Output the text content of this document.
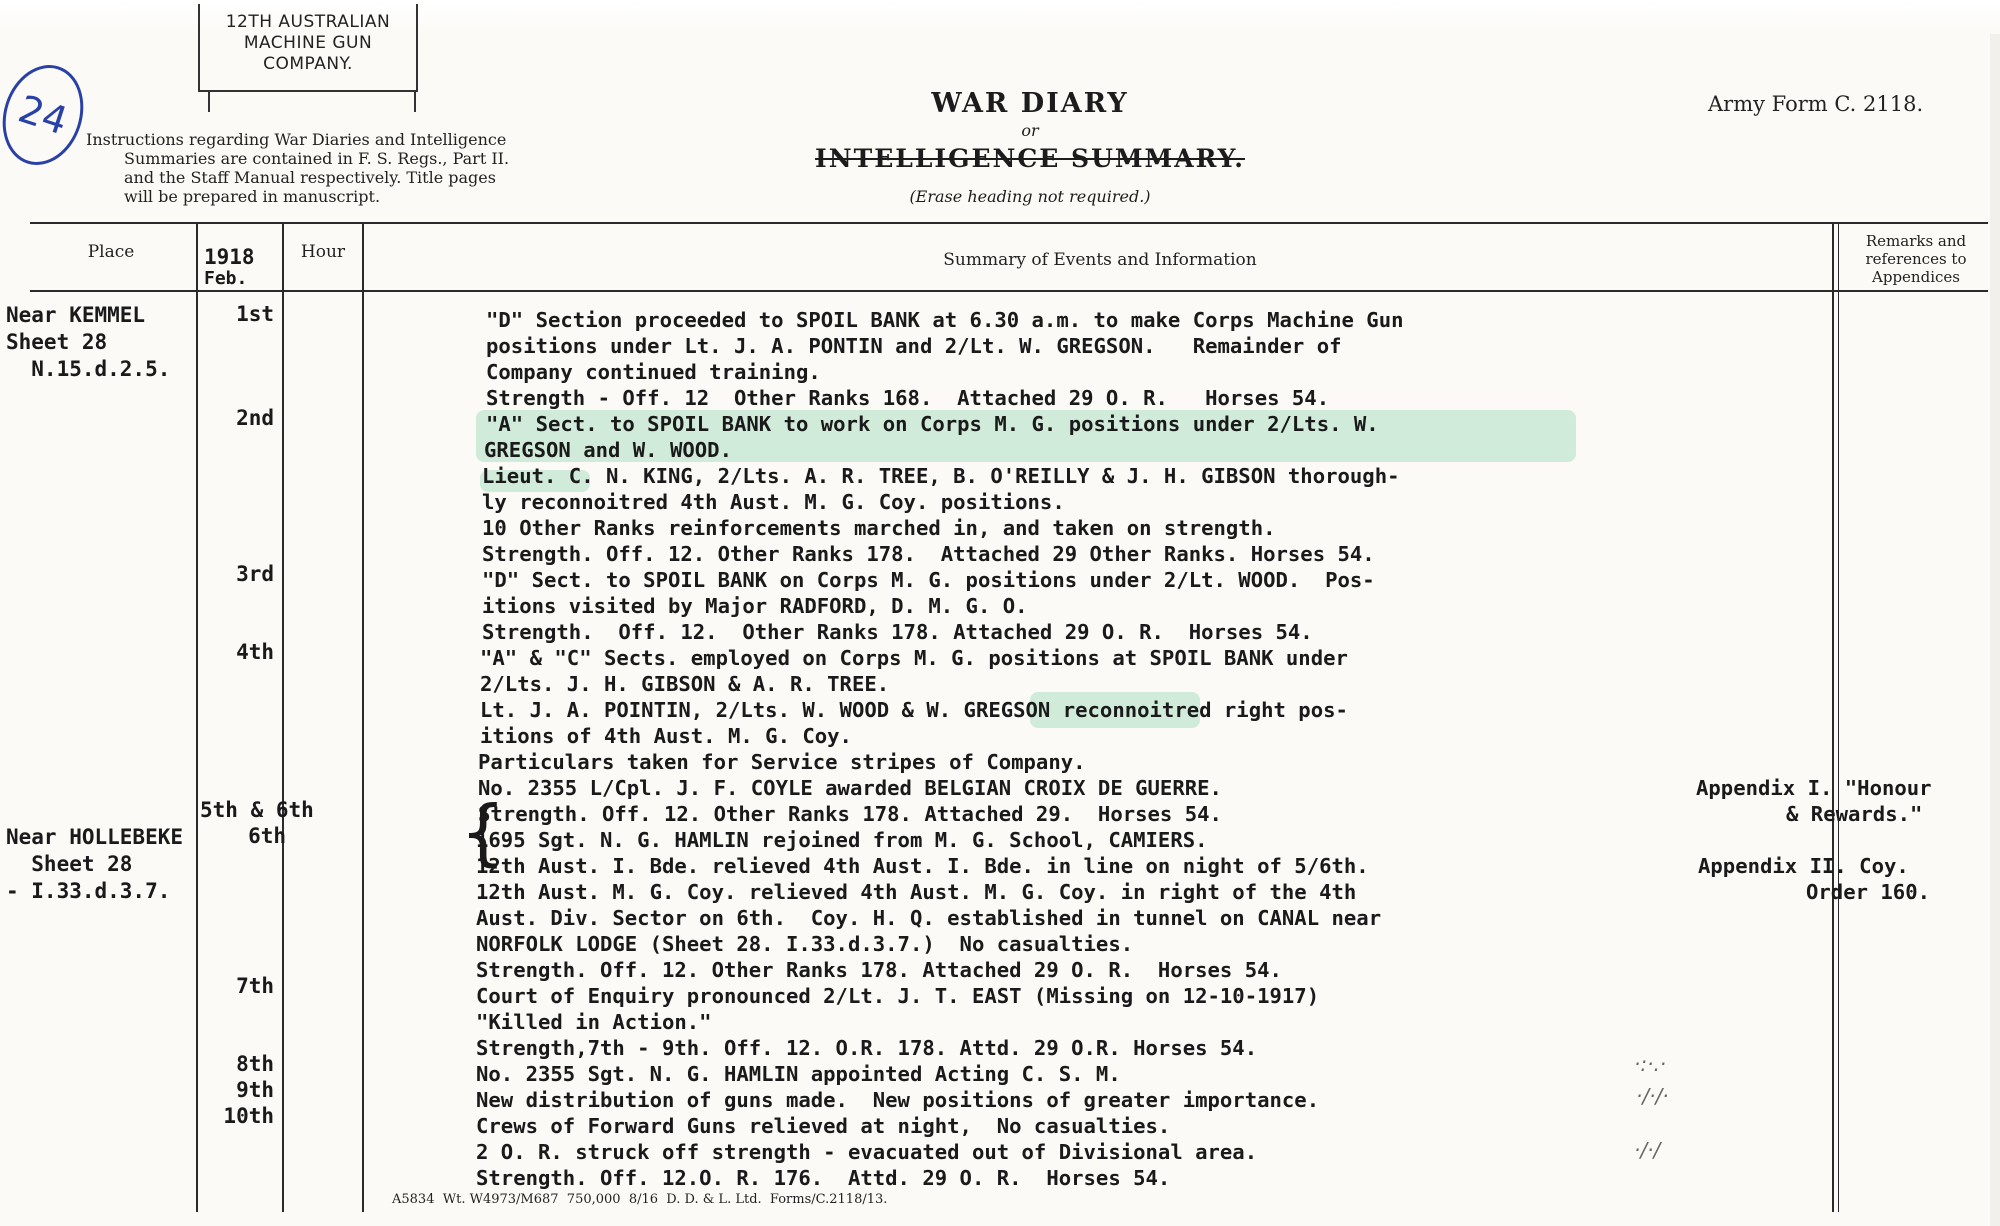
12TH AUSTRALIAN
MACHINE GUN
COMPANY.
24 Instructions regarding War Diaries and Intelligence
Summaries are contained in F. S. Regs., Part II.
and the Staff Manual respectively. Title pages
will be prepared in manuscript.
WAR DIARY
or
INTELLIGENCE SUMMARY.
(Erase heading not required.)
Army Form C. 2118.
Place	Hour	Summary of Events and Information
Remarks and references to Appendices
1918
Feb.
Near KEMMEL
Sheet 28
N.15.d.2.5.
Near HOLLEBEKE
Sheet 28
- I.33.d.3.7.
1st
2nd
3rd
4th
5th & 6th
6th
7th
8th
9th
10th
"D" Section proceeded to SPOIL BANK at 6.30 a.m. to make Corps Machine Gun
positions under Lt. J. A. PONTIN and 2/Lt. W. GREGSON.   Remainder of
Company continued training.
Strength - Off. 12  Other Ranks 168.  Attached 29 O. R.   Horses 54.
"A" Sect. to SPOIL BANK to work on Corps M. G. positions under 2/Lts. W.
GREGSON and W. WOOD.
Lieut. C. N. KING, 2/Lts. A. R. TREE, B. O'REILLY & J. H. GIBSON thorough-
ly reconnoitred 4th Aust. M. G. Coy. positions.
10 Other Ranks reinforcements marched in, and taken on strength.
Strength. Off. 12. Other Ranks 178.  Attached 29 Other Ranks. Horses 54.
"D" Sect. to SPOIL BANK on Corps M. G. positions under 2/Lt. WOOD.  Pos-
itions visited by Major RADFORD, D. M. G. O.
Strength.  Off. 12.  Other Ranks 178. Attached 29 O. R.  Horses 54.
"A" & "C" Sects. employed on Corps M. G. positions at SPOIL BANK under
2/Lts. J. H. GIBSON & A. R. TREE.
Lt. J. A. POINTIN, 2/Lts. W. WOOD & W. GREGSON reconnoitred right pos-
itions of 4th Aust. M. G. Coy.
Particulars taken for Service stripes of Company.
No. 2355 L/Cpl. J. F. COYLE awarded BELGIAN CROIX DE GUERRE.
Strength. Off. 12. Other Ranks 178. Attached 29.  Horses 54.
1695 Sgt. N. G. HAMLIN rejoined from M. G. School, CAMIERS.
12th Aust. I. Bde. relieved 4th Aust. I. Bde. in line on night of 5/6th.
12th Aust. M. G. Coy. relieved 4th Aust. M. G. Coy. in right of the 4th
Aust. Div. Sector on 6th.  Coy. H. Q. established in tunnel on CANAL near
NORFOLK LODGE (Sheet 28. I.33.d.3.7.)  No casualties.
Strength. Off. 12. Other Ranks 178. Attached 29 O. R.  Horses 54.
Court of Enquiry pronounced 2/Lt. J. T. EAST (Missing on 12-10-1917)
"Killed in Action."
Strength,7th - 9th. Off. 12. O.R. 178. Attd. 29 O.R. Horses 54.
No. 2355 Sgt. N. G. HAMLIN appointed Acting C. S. M.
New distribution of guns made.  New positions of greater importance.
Crews of Forward Guns relieved at night,  No casualties.
2 O. R. struck off strength - evacuated out of Divisional area.
Strength. Off. 12.O. R. 176.  Attd. 29 O. R.  Horses 54.
{
Appendix I. "Honour
& Rewards."
Appendix II. Coy.
Order 160.
·:·.·
·/·/·
·/·/
A5834  Wt. W4973/M687  750,000  8/16  D. D. & L. Ltd.  Forms/C.2118/13.
